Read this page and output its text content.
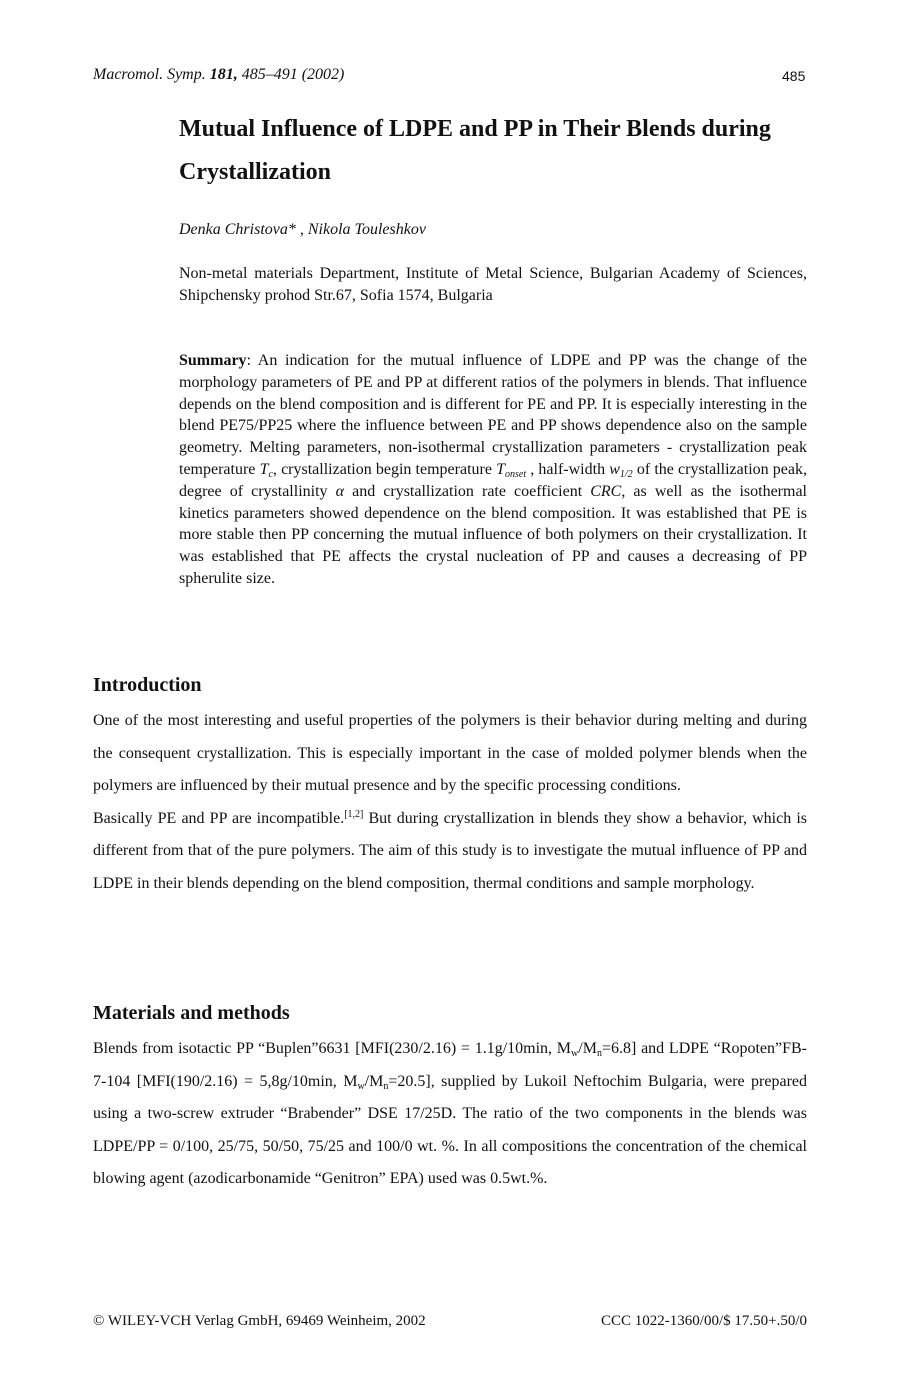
Macromol. Symp. 181, 485–491 (2002)	485
Mutual Influence of LDPE and PP in Their Blends during Crystallization
Denka Christova* , Nikola Touleshkov
Non-metal materials Department, Institute of Metal Science, Bulgarian Academy of Sciences, Shipchensky prohod Str.67, Sofia 1574, Bulgaria
Summary: An indication for the mutual influence of LDPE and PP was the change of the morphology parameters of PE and PP at different ratios of the polymers in blends. That influence depends on the blend composition and is different for PE and PP. It is especially interesting in the blend PE75/PP25 where the influence between PE and PP shows dependence also on the sample geometry. Melting parameters, non-isothermal crystallization parameters - crystallization peak temperature $T_c$, crystallization begin temperature $T_{onset}$ , half-width $w_{1/2}$ of the crystallization peak, degree of crystallinity α and crystallization rate coefficient CRC, as well as the isothermal kinetics parameters showed dependence on the blend composition. It was established that PE is more stable then PP concerning the mutual influence of both polymers on their crystallization. It was established that PE affects the crystal nucleation of PP and causes a decreasing of PP spherulite size.
Introduction
One of the most interesting and useful properties of the polymers is their behavior during melting and during the consequent crystallization. This is especially important in the case of molded polymer blends when the polymers are influenced by their mutual presence and by the specific processing conditions.
Basically PE and PP are incompatible.[1,2] But during crystallization in blends they show a behavior, which is different from that of the pure polymers. The aim of this study is to investigate the mutual influence of PP and LDPE in their blends depending on the blend composition, thermal conditions and sample morphology.
Materials and methods
Blends from isotactic PP “Buplen”6631 [MFI(230/2.16) = 1.1g/10min, $M_w/M_n=6.8$] and LDPE “Ropoten”FB-7-104 [MFI(190/2.16) = 5,8g/10min, $M_w/M_n=20.5$], supplied by Lukoil Neftochim Bulgaria, were prepared using a two-screw extruder “Brabender” DSE 17/25D. The ratio of the two components in the blends was LDPE/PP = 0/100, 25/75, 50/50, 75/25 and 100/0 wt. %. In all compositions the concentration of the chemical blowing agent (azodicarbonamide “Genitron” EPA) used was 0.5wt.%.
© WILEY-VCH Verlag GmbH, 69469 Weinheim, 2002	CCC 1022-1360/00/$ 17.50+.50/0
